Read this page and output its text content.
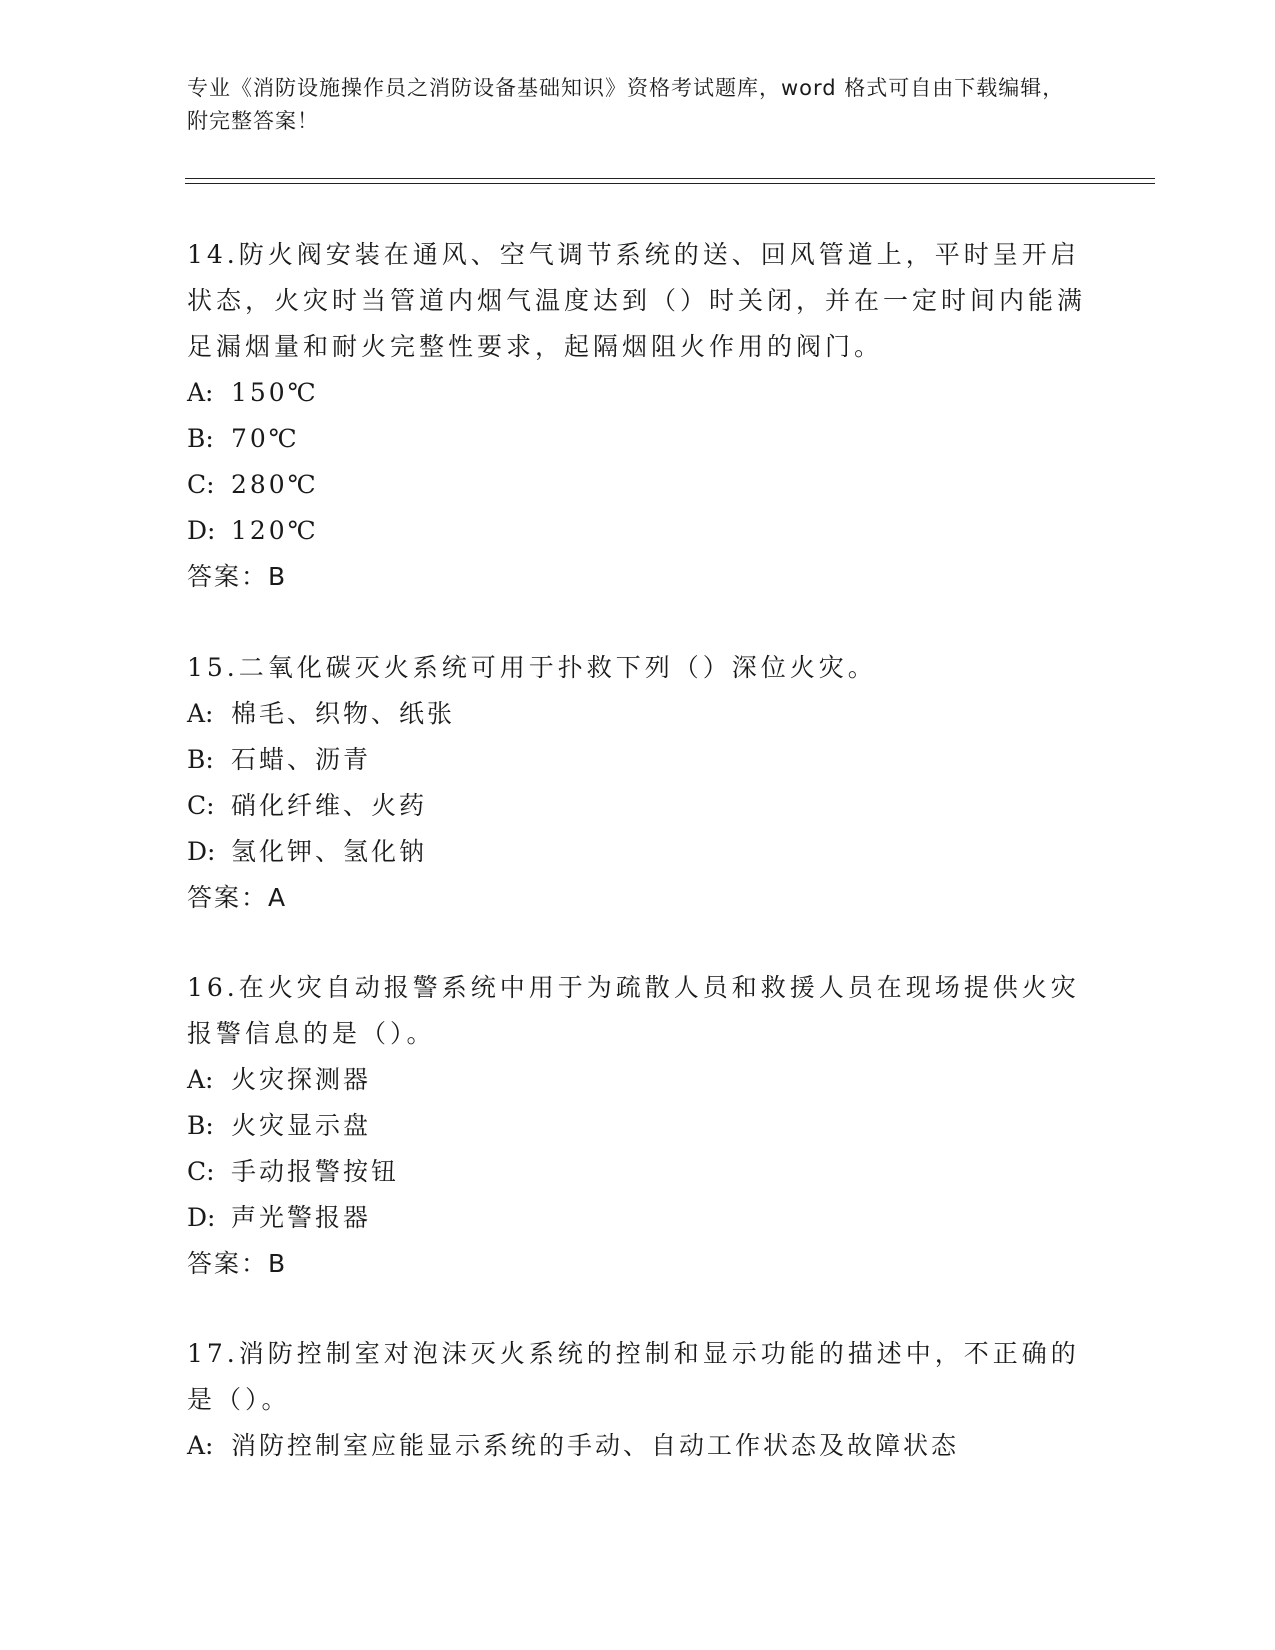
专业《消防设施操作员之消防设备基础知识》资格考试题库，word 格式可自由下载编辑，附完整答案！

14.防火阀安装在通风、空气调节系统的送、回风管道上，平时呈开启状态，火灾时当管道内烟气温度达到（）时关闭，并在一定时间内能满足漏烟量和耐火完整性要求，起隔烟阻火作用的阀门。

A: 150℃
B: 70℃
C: 280℃
D: 120℃
答案：B

15.二氧化碳灭火系统可用于扑救下列（）深位火灾。

A: 棉毛、织物、纸张
B: 石蜡、沥青
C: 硝化纤维、火药
D: 氢化钾、氢化钠
答案：A

16.在火灾自动报警系统中用于为疏散人员和救援人员在现场提供火灾报警信息的是（）。

A: 火灾探测器
B: 火灾显示盘
C: 手动报警按钮
D: 声光警报器
答案：B

17.消防控制室对泡沫灭火系统的控制和显示功能的描述中，不正确的是（）。

A: 消防控制室应能显示系统的手动、自动工作状态及故障状态
